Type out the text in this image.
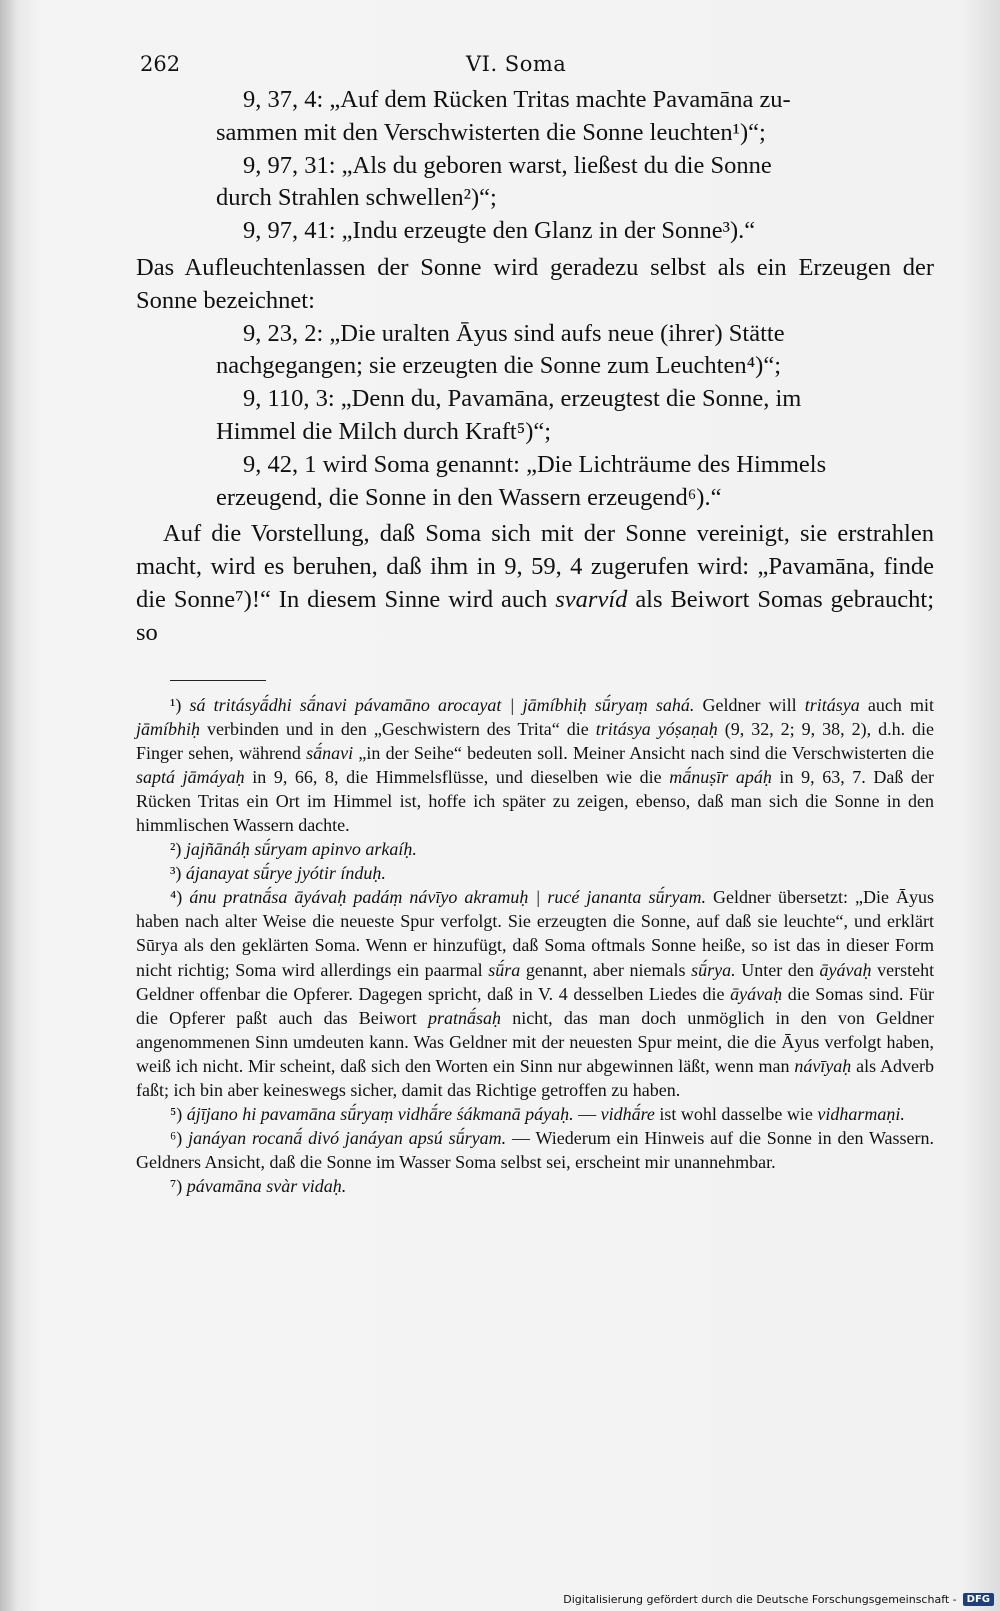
262	VI. Soma

9, 37, 4: „Auf dem Rücken Tritas machte Pavamāna zu-
sammen mit den Verschwisterten die Sonne leuchten¹)“;

9, 97, 31: „Als du geboren warst, ließest du die Sonne
durch Strahlen schwellen²)“;

9, 97, 41: „Indu erzeugte den Glanz in der Sonne³).“

Das Aufleuchtenlassen der Sonne wird geradezu selbst als ein Erzeugen der Sonne bezeichnet:

9, 23, 2: „Die uralten Āyus sind aufs neue (ihrer) Stätte
nachgegangen; sie erzeugten die Sonne zum Leuchten⁴)“;

9, 110, 3: „Denn du, Pavamāna, erzeugtest die Sonne, im
Himmel die Milch durch Kraft⁵)“;

9, 42, 1 wird Soma genannt: „Die Lichträume des Himmels
erzeugend, die Sonne in den Wassern erzeugend⁶).“

Auf die Vorstellung, daß Soma sich mit der Sonne vereinigt, sie erstrahlen macht, wird es beruhen, daß ihm in 9, 59, 4 zugerufen wird: „Pavamāna, finde die Sonne⁷)!“ In diesem Sinne wird auch svarvíd als Beiwort Somas gebraucht; so

¹) sá tritásyā́dhi sā́navi pávamāno arocayat | jāmíbhiḥ sū́ryaṃ sahá. Geldner will tritásya auch mit jāmíbhiḥ verbinden und in den „Geschwistern des Trita“ die tritásya yóṣaṇaḥ (9, 32, 2; 9, 38, 2), d.h. die Finger sehen, während sā́navi „in der Seihe“ bedeuten soll. Meiner Ansicht nach sind die Verschwisterten die saptá jāmáyaḥ in 9, 66, 8, die Himmelsflüsse, und dieselben wie die mā́nuṣīr apáḥ in 9, 63, 7. Daß der Rücken Tritas ein Ort im Himmel ist, hoffe ich später zu zeigen, ebenso, daß man sich die Sonne in den himmlischen Wassern dachte.

²) jajñānáḥ sū́ryam apinvo arkaíḥ.

³) ájanayat sū́rye jyótir índuḥ.

⁴) ánu pratnā́sa āyávaḥ padáṃ návīyo akramuḥ | rucé jananta sū́ryam. Geldner übersetzt: „Die Āyus haben nach alter Weise die neueste Spur verfolgt. Sie erzeugten die Sonne, auf daß sie leuchte“, und erklärt Sūrya als den geklärten Soma. Wenn er hinzufügt, daß Soma oftmals Sonne heiße, so ist das in dieser Form nicht richtig; Soma wird allerdings ein paarmal sū́ra genannt, aber niemals sū́rya. Unter den āyávaḥ versteht Geldner offenbar die Opferer. Dagegen spricht, daß in V. 4 desselben Liedes die āyávaḥ die Somas sind. Für die Opferer paßt auch das Beiwort pratnā́saḥ nicht, das man doch unmöglich in den von Geldner angenommenen Sinn umdeuten kann. Was Geldner mit der neuesten Spur meint, die die Āyus verfolgt haben, weiß ich nicht. Mir scheint, daß sich den Worten ein Sinn nur abgewinnen läßt, wenn man návīyaḥ als Adverb faßt; ich bin aber keineswegs sicher, damit das Richtige getroffen zu haben.

⁵) ájījano hi pavamāna sū́ryaṃ vidhā́re śákmanā páyaḥ. — vidhā́re ist wohl dasselbe wie vidharmaṇi.

⁶) janáyan rocanā́ divó janáyan apsú sū́ryam. — Wiederum ein Hinweis auf die Sonne in den Wassern. Geldners Ansicht, daß die Sonne im Wasser Soma selbst sei, erscheint mir unannehmbar.

⁷) pávamāna svàr vidaḥ.

Digitalisierung gefördert durch die Deutsche Forschungsgemeinschaft -	DFG
